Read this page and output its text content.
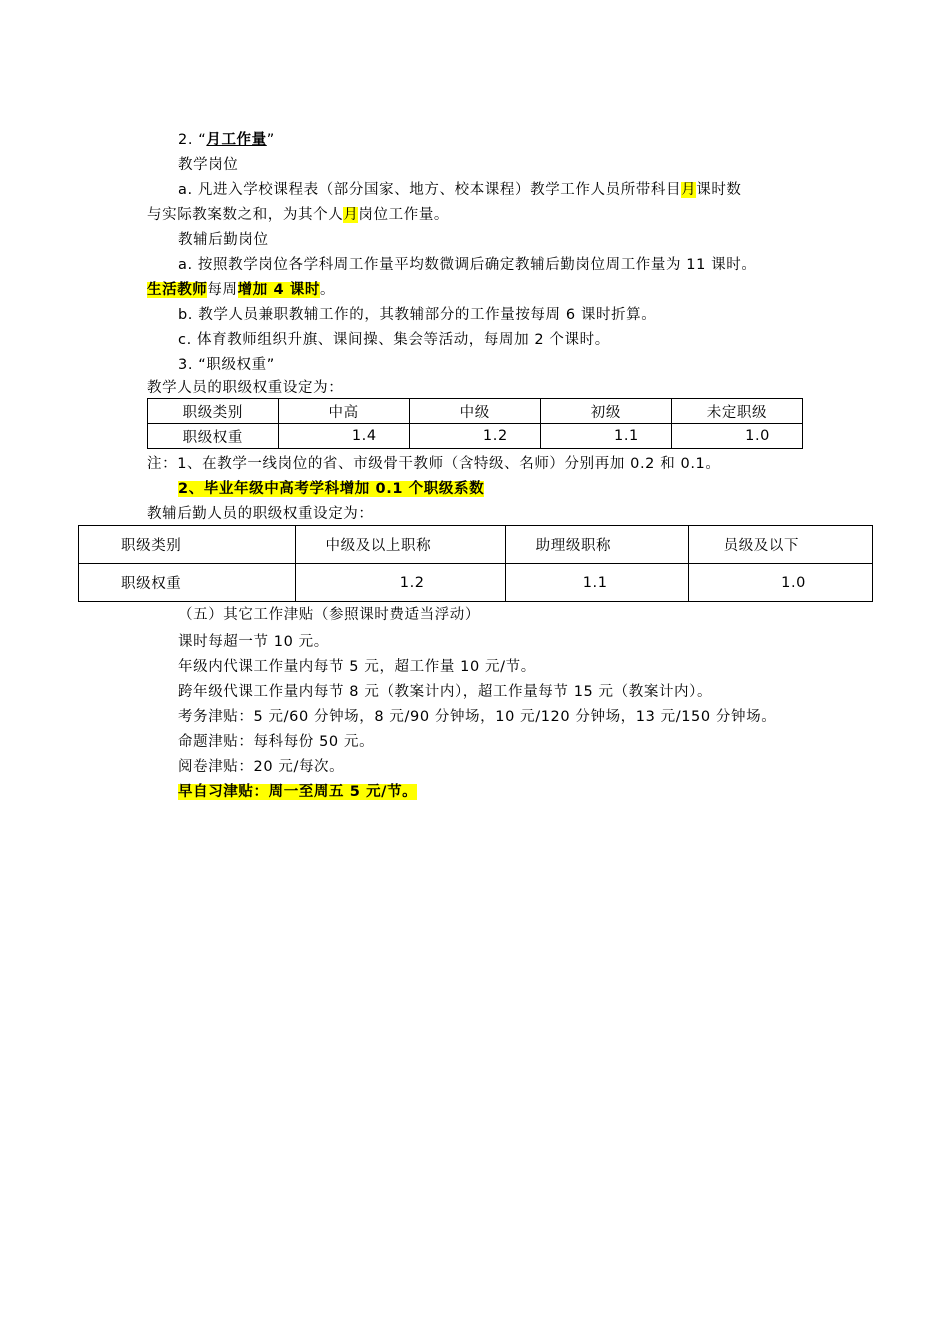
2. “月工作量”
教学岗位
a. 凡进入学校课程表（部分国家、地方、校本课程）教学工作人员所带科目月课时数
与实际教案数之和，为其个人月岗位工作量。
教辅后勤岗位
a. 按照教学岗位各学科周工作量平均数微调后确定教辅后勤岗位周工作量为 11 课时。
生活教师每周增加 4 课时。
b. 教学人员兼职教辅工作的，其教辅部分的工作量按每周 6 课时折算。
c. 体育教师组织升旗、课间操、集会等活动，每周加 2 个课时。
3. “职级权重”
教学人员的职级权重设定为：
职级类别	中高	中级	初级	未定职级
职级权重	1.4	1.2	1.1	1.0
注：1、在教学一线岗位的省、市级骨干教师（含特级、名师）分别再加 0.2 和 0.1。
2、毕业年级中高考学科增加 0.1 个职级系数
教辅后勤人员的职级权重设定为：
职级类别	中级及以上职称	助理级职称	员级及以下
职级权重	1.2	1.1	1.0
（五）其它工作津贴（参照课时费适当浮动）
课时每超一节 10 元。
年级内代课工作量内每节 5 元，超工作量 10 元/节。
跨年级代课工作量内每节 8 元（教案计内），超工作量每节 15 元（教案计内）。
考务津贴：5 元/60 分钟场，8 元/90 分钟场，10 元/120 分钟场，13 元/150 分钟场。
命题津贴：每科每份 50 元。
阅卷津贴：20 元/每次。
早自习津贴：周一至周五 5 元/节。
